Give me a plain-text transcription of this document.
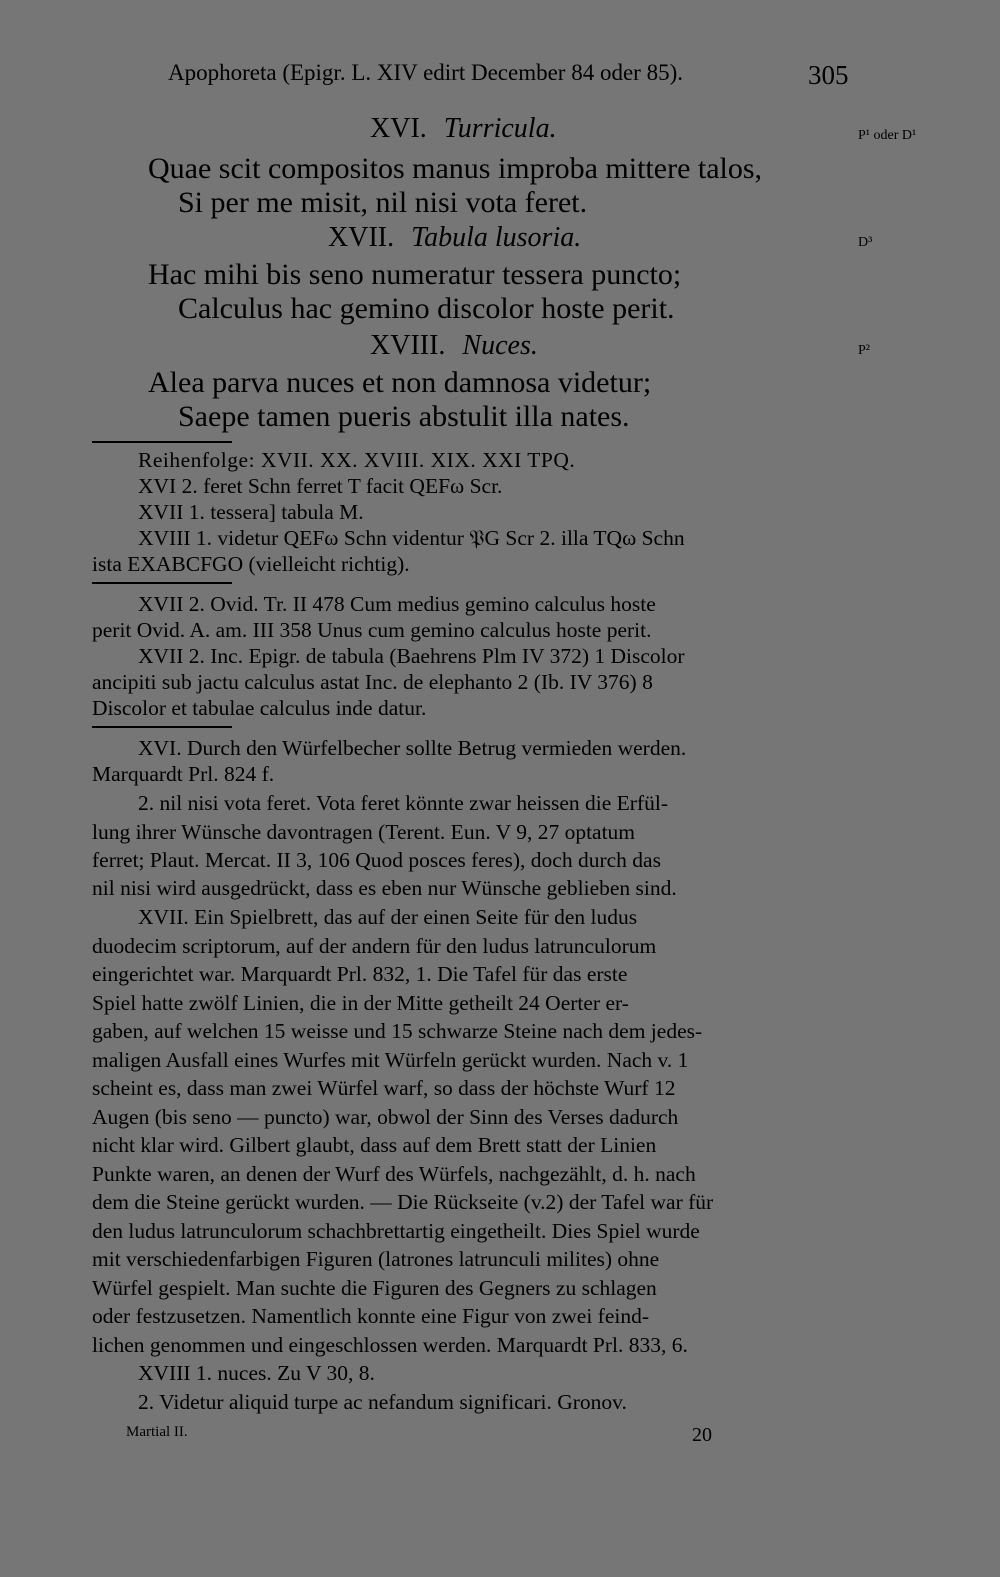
Apophoreta (Epigr. L. XIV edirt December 84 oder 85).	305
XVI. Turricula.	P¹ oder D¹
Quae scit compositos manus improba mittere talos,
Si per me misit, nil nisi vota feret.
XVII. Tabula lusoria.	D³
Hac mihi bis seno numeratur tessera puncto;
Calculus hac gemino discolor hoste perit.
XVIII. Nuces.	P²
Alea parva nuces et non damnosa videtur;
Saepe tamen pueris abstulit illa nates.
Reihenfolge: XVII. XX. XVIII. XIX. XXI TPQ.
XVI 2. feret Schn ferret T facit QEFω Scr.
XVII 1. tessera] tabula M.
XVIII 1. videtur QEFω Schn videntur 𝔓G Scr 2. illa TQω Schn
ista EXABCFGO (vielleicht richtig).
XVII 2. Ovid. Tr. II 478 Cum medius gemino calculus hoste
perit Ovid. A. am. III 358 Unus cum gemino calculus hoste perit.
XVII 2. Inc. Epigr. de tabula (Baehrens Plm IV 372) 1 Discolor
ancipiti sub jactu calculus astat Inc. de elephanto 2 (Ib. IV 376) 8
Discolor et tabulae calculus inde datur.
XVI. Durch den Würfelbecher sollte Betrug vermieden werden.
Marquardt Prl. 824 f.
2. nil nisi vota feret. Vota feret könnte zwar heissen die Erfül-
lung ihrer Wünsche davontragen (Terent. Eun. V 9, 27 optatum
ferret; Plaut. Mercat. II 3, 106 Quod posces feres), doch durch das
nil nisi wird ausgedrückt, dass es eben nur Wünsche geblieben sind.
XVII. Ein Spielbrett, das auf der einen Seite für den ludus
duodecim scriptorum, auf der andern für den ludus latrunculorum
eingerichtet war. Marquardt Prl. 832, 1. Die Tafel für das erste
Spiel hatte zwölf Linien, die in der Mitte getheilt 24 Oerter er-
gaben, auf welchen 15 weisse und 15 schwarze Steine nach dem jedes-
maligen Ausfall eines Wurfes mit Würfeln gerückt wurden. Nach v. 1
scheint es, dass man zwei Würfel warf, so dass der höchste Wurf 12
Augen (bis seno — puncto) war, obwol der Sinn des Verses dadurch
nicht klar wird. Gilbert glaubt, dass auf dem Brett statt der Linien
Punkte waren, an denen der Wurf des Würfels, nachgezählt, d. h. nach
dem die Steine gerückt wurden. — Die Rückseite (v.2) der Tafel war für
den ludus latrunculorum schachbrettartig eingetheilt. Dies Spiel wurde
mit verschiedenfarbigen Figuren (latrones latrunculi milites) ohne
Würfel gespielt. Man suchte die Figuren des Gegners zu schlagen
oder festzusetzen. Namentlich konnte eine Figur von zwei feind-
lichen genommen und eingeschlossen werden. Marquardt Prl. 833, 6.
XVIII 1. nuces. Zu V 30, 8.
2. Videtur aliquid turpe ac nefandum significari. Gronov.
Martial II.	20
